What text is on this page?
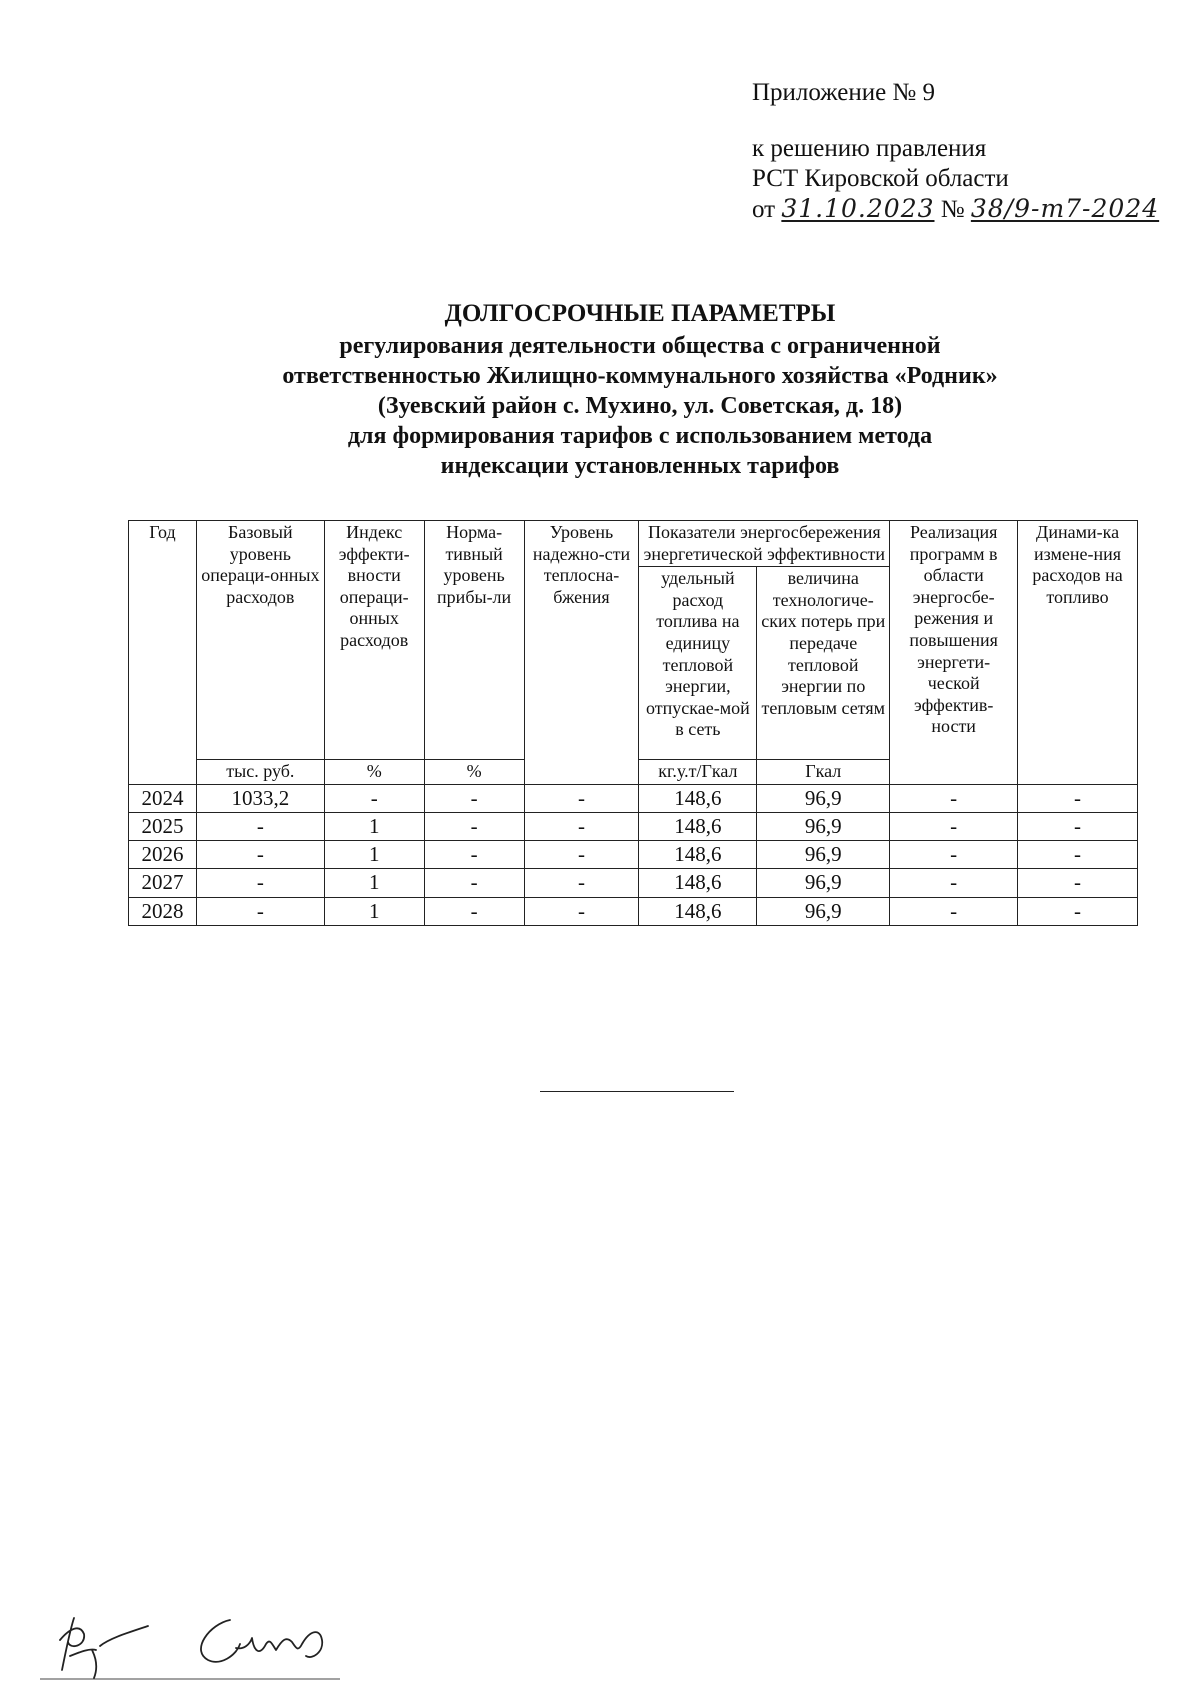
Приложение № 9
к решению правления
РСТ Кировской области
от 31.10.2023 № 38/9-т7-2024
ДОЛГОСРОЧНЫЕ ПАРАМЕТРЫ
регулирования деятельности общества с ограниченной
ответственностью Жилищно-коммунального хозяйства «Родник»
(Зуевский район с. Мухино, ул. Советская, д. 18)
для формирования тарифов с использованием метода
индексации установленных тарифов
Год	Базовый уровень операци-онных расходов	Индекс эффекти-вности операци-онных расходов	Норма-тивный уровень прибы-ли	Уровень надежно-сти теплосна-бжения	Показатели энергосбережения энергетической эффективности		Реализация программ в области энергосбе-режения и повышения энергети-ческой эффектив-ности	Динами-ка измене-ния расходов на топливо
					удельный расход топлива на единицу тепловой энергии, отпускае-мой в сеть	величина технологиче-ских потерь при передаче тепловой энергии по тепловым сетям		
	тыс. руб.	%	%		кг.у.т/Гкал	Гкал		
2024	1033,2	-	-	-	148,6	96,9	-	-
2025	-	1	-	-	148,6	96,9	-	-
2026	-	1	-	-	148,6	96,9	-	-
2027	-	1	-	-	148,6	96,9	-	-
2028	-	1	-	-	148,6	96,9	-	-
